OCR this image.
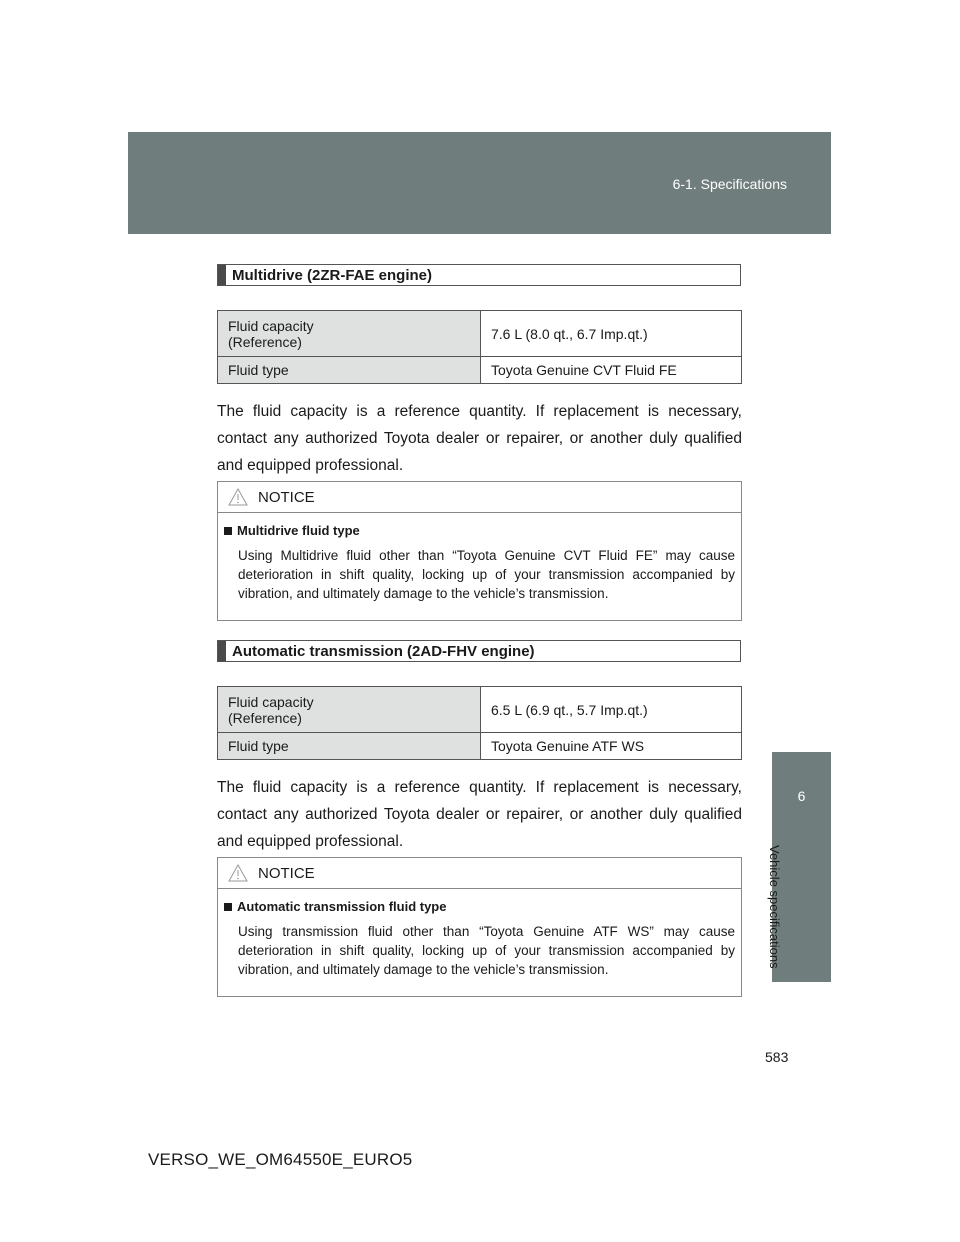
6-1. Specifications
6
Vehicle specifications
Multidrive (2ZR-FAE engine)
Fluid capacity
(Reference)	7.6 L (8.0 qt., 6.7 Imp.qt.)
Fluid type	Toyota Genuine CVT Fluid FE
The fluid capacity is a reference quantity. If replacement is necessary, contact any authorized Toyota dealer or repairer, or another duly qualified and equipped professional.
NOTICE
Multidrive fluid type
Using Multidrive fluid other than “Toyota Genuine CVT Fluid FE” may cause deterioration in shift quality, locking up of your transmission accompanied by vibration, and ultimately damage to the vehicle’s transmission.
Automatic transmission (2AD-FHV engine)
Fluid capacity
(Reference)	6.5 L (6.9 qt., 5.7 Imp.qt.)
Fluid type	Toyota Genuine ATF WS
The fluid capacity is a reference quantity. If replacement is necessary, contact any authorized Toyota dealer or repairer, or another duly qualified and equipped professional.
NOTICE
Automatic transmission fluid type
Using transmission fluid other than “Toyota Genuine ATF WS” may cause deterioration in shift quality, locking up of your transmission accompanied by vibration, and ultimately damage to the vehicle’s transmission.
583
VERSO_WE_OM64550E_EURO5
